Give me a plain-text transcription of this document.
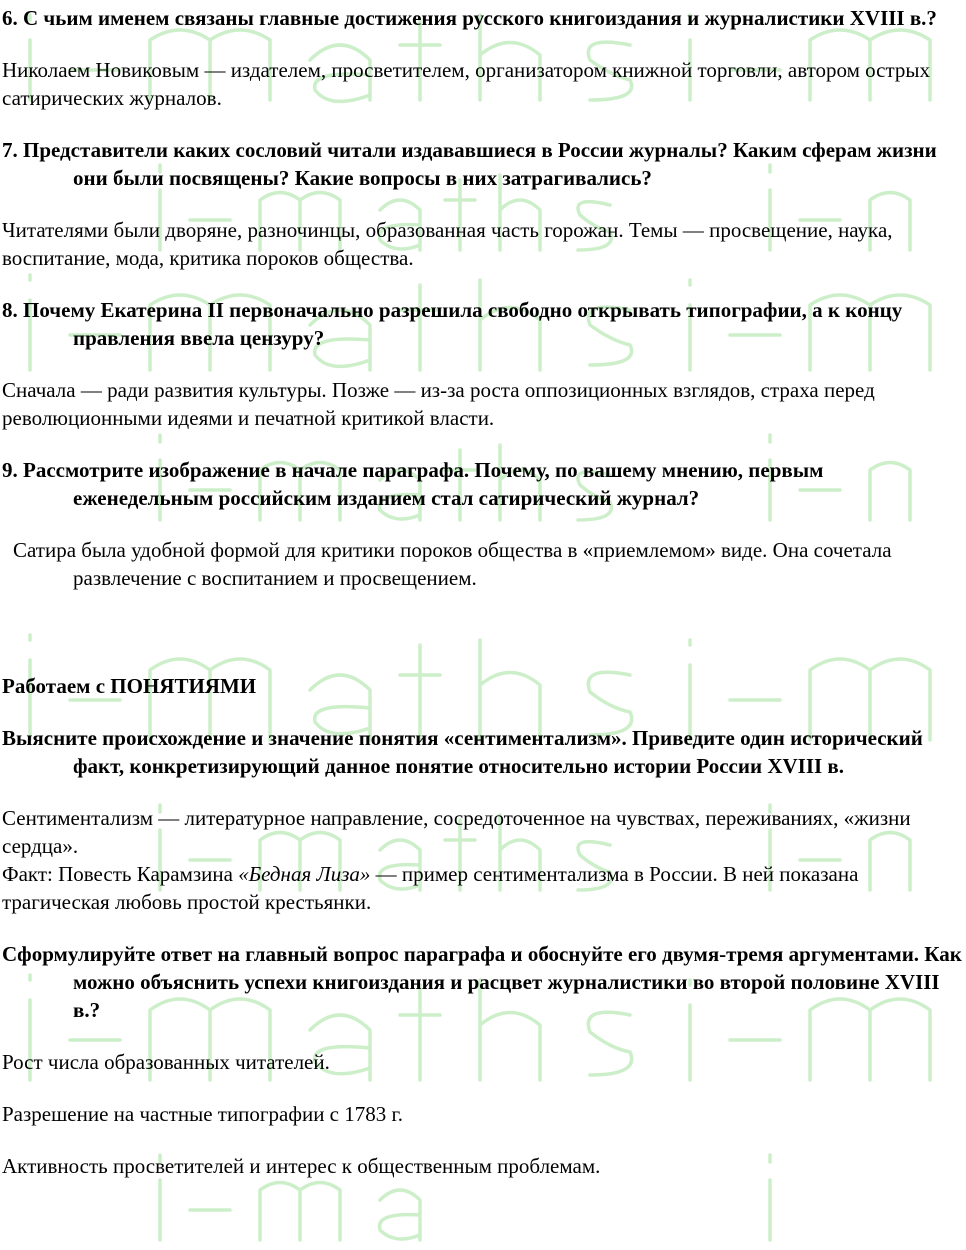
6. С чьим именем связаны главные достижения русского книгоиздания и журналистики XVIII в.?

Николаем Новиковым — издателем, просветителем, организатором книжной торговли, автором острых сатирических журналов.

7. Представители каких сословий читали издававшиеся в России журналы? Каким сферам жизни они были посвящены? Какие вопросы в них затрагивались?

Читателями были дворяне, разночинцы, образованная часть горожан. Темы — просвещение, наука, воспитание, мода, критика пороков общества.

8. Почему Екатерина II первоначально разрешила свободно открывать типографии, а к концу правления ввела цензуру?

Сначала — ради развития культуры. Позже — из-за роста оппозиционных взглядов, страха перед революционными идеями и печатной критикой власти.

9. Рассмотрите изображение в начале параграфа. Почему, по вашему мнению, первым еженедельным российским изданием стал сатирический журнал?

Сатира была удобной формой для критики пороков общества в «приемлемом» виде. Она сочетала развлечение с воспитанием и просвещением.

Работаем с ПОНЯТИЯМИ

Выясните происхождение и значение понятия «сентиментализм». Приведите один исторический факт, конкретизирующий данное понятие относительно истории России XVIII в.

Сентиментализм — литературное направление, сосредоточенное на чувствах, переживаниях, «жизни сердца».

Факт: Повесть Карамзина «Бедная Лиза» — пример сентиментализма в России. В ней показана трагическая любовь простой крестьянки.

Сформулируйте ответ на главный вопрос параграфа и обоснуйте его двумя-тремя аргументами. Как можно объяснить успехи книгоиздания и расцвет журналистики во второй половине XVIII в.?

Рост числа образованных читателей.

Разрешение на частные типографии с 1783 г.

Активность просветителей и интерес к общественным проблемам.
